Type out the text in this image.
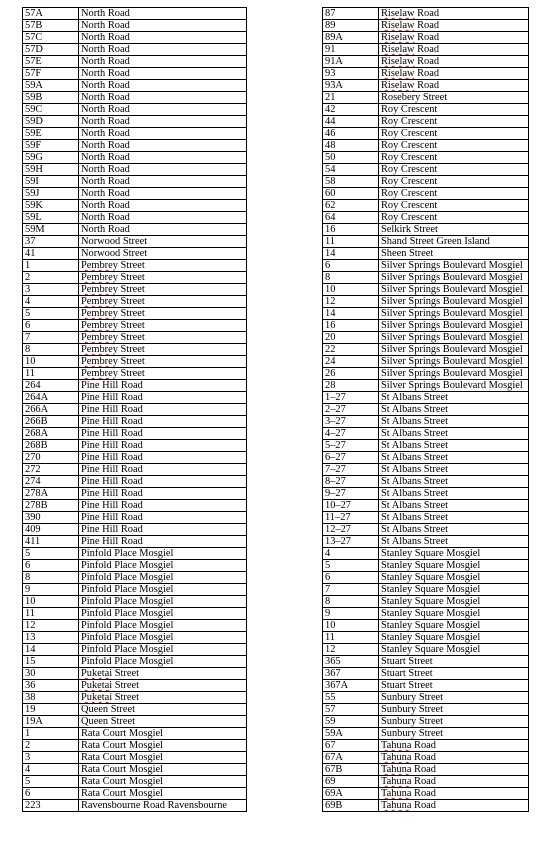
57A	North Road
57B	North Road
57C	North Road
57D	North Road
57E	North Road
57F	North Road
59A	North Road
59B	North Road
59C	North Road
59D	North Road
59E	North Road
59F	North Road
59G	North Road
59H	North Road
59I	North Road
59J	North Road
59K	North Road
59L	North Road
59M	North Road
37	Norwood Street
41	Norwood Street
1	Pembrey Street
2	Pembrey Street
3	Pembrey Street
4	Pembrey Street
5	Pembrey Street
6	Pembrey Street
7	Pembrey Street
8	Pembrey Street
10	Pembrey Street
11	Pembrey Street
264	Pine Hill Road
264A	Pine Hill Road
266A	Pine Hill Road
266B	Pine Hill Road
268A	Pine Hill Road
268B	Pine Hill Road
270	Pine Hill Road
272	Pine Hill Road
274	Pine Hill Road
278A	Pine Hill Road
278B	Pine Hill Road
390	Pine Hill Road
409	Pine Hill Road
411	Pine Hill Road
5	Pinfold Place Mosgiel
6	Pinfold Place Mosgiel
8	Pinfold Place Mosgiel
9	Pinfold Place Mosgiel
10	Pinfold Place Mosgiel
11	Pinfold Place Mosgiel
12	Pinfold Place Mosgiel
13	Pinfold Place Mosgiel
14	Pinfold Place Mosgiel
15	Pinfold Place Mosgiel
30	Puketai Street
36	Puketai Street
38	Puketai Street
19	Queen Street
19A	Queen Street
1	Rata Court Mosgiel
2	Rata Court Mosgiel
3	Rata Court Mosgiel
4	Rata Court Mosgiel
5	Rata Court Mosgiel
6	Rata Court Mosgiel
223	Ravensbourne Road Ravensbourne
87	Riselaw Road
89	Riselaw Road
89A	Riselaw Road
91	Riselaw Road
91A	Riselaw Road
93	Riselaw Road
93A	Riselaw Road
21	Rosebery Street
42	Roy Crescent
44	Roy Crescent
46	Roy Crescent
48	Roy Crescent
50	Roy Crescent
54	Roy Crescent
58	Roy Crescent
60	Roy Crescent
62	Roy Crescent
64	Roy Crescent
16	Selkirk Street
11	Shand Street Green Island
14	Sheen Street
6	Silver Springs Boulevard Mosgiel
8	Silver Springs Boulevard Mosgiel
10	Silver Springs Boulevard Mosgiel
12	Silver Springs Boulevard Mosgiel
14	Silver Springs Boulevard Mosgiel
16	Silver Springs Boulevard Mosgiel
20	Silver Springs Boulevard Mosgiel
22	Silver Springs Boulevard Mosgiel
24	Silver Springs Boulevard Mosgiel
26	Silver Springs Boulevard Mosgiel
28	Silver Springs Boulevard Mosgiel
1–27	St Albans Street
2–27	St Albans Street
3–27	St Albans Street
4–27	St Albans Street
5–27	St Albans Street
6–27	St Albans Street
7–27	St Albans Street
8–27	St Albans Street
9–27	St Albans Street
10–27	St Albans Street
11–27	St Albans Street
12–27	St Albans Street
13–27	St Albans Street
4	Stanley Square Mosgiel
5	Stanley Square Mosgiel
6	Stanley Square Mosgiel
7	Stanley Square Mosgiel
8	Stanley Square Mosgiel
9	Stanley Square Mosgiel
10	Stanley Square Mosgiel
11	Stanley Square Mosgiel
12	Stanley Square Mosgiel
365	Stuart Street
367	Stuart Street
367A	Stuart Street
55	Sunbury Street
57	Sunbury Street
59	Sunbury Street
59A	Sunbury Street
67	Tahuna Road
67A	Tahuna Road
67B	Tahuna Road
69	Tahuna Road
69A	Tahuna Road
69B	Tahuna Road
